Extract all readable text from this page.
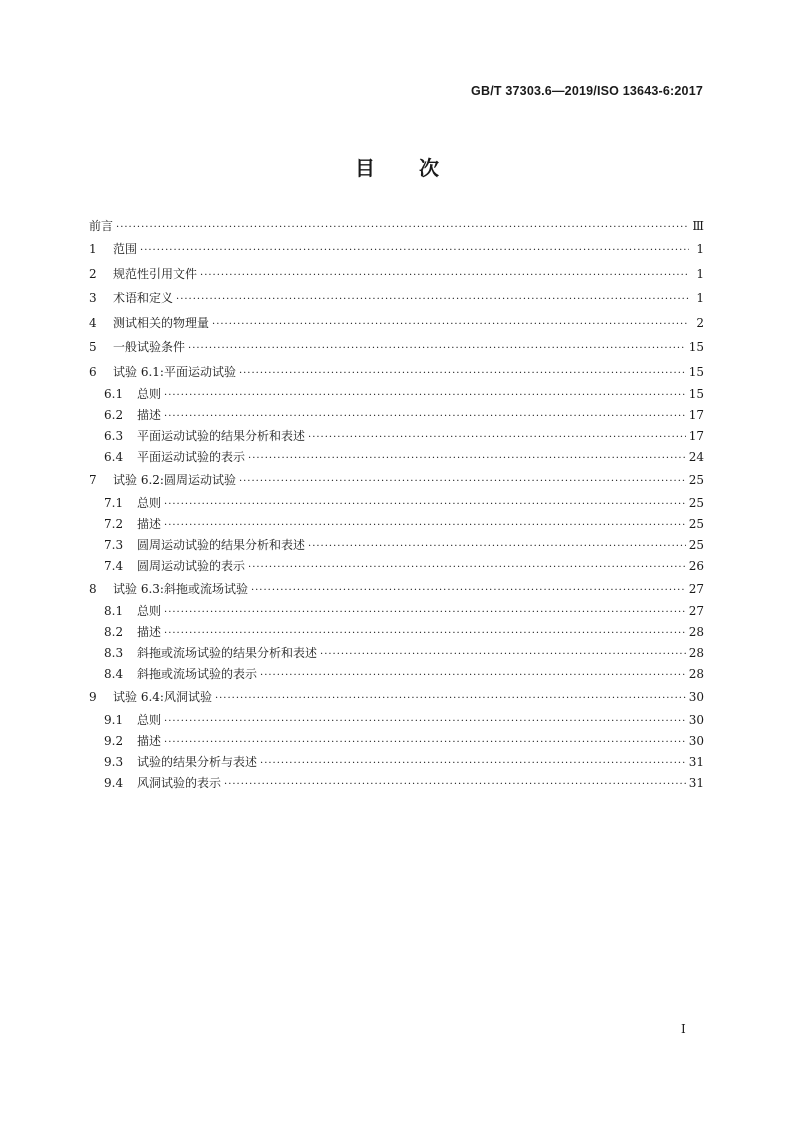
GB/T 37303.6—2019/ISO 13643-6:2017
目 次
前言 ·····	Ⅲ
1	范围 ·····	1
2	规范性引用文件 ·····	1
3	术语和定义 ·····	1
4	测试相关的物理量 ·····	2
5	一般试验条件 ·····	15
6	试验 6.1:平面运动试验 ·····	15
6.1	总则 ·····	15
6.2	描述 ·····	17
6.3	平面运动试验的结果分析和表述 ·····	17
6.4	平面运动试验的表示 ·····	24
7	试验 6.2:圆周运动试验 ·····	25
7.1	总则 ·····	25
7.2	描述 ·····	25
7.3	圆周运动试验的结果分析和表述 ·····	25
7.4	圆周运动试验的表示 ·····	26
8	试验 6.3:斜拖或流场试验 ·····	27
8.1	总则 ·····	27
8.2	描述 ·····	28
8.3	斜拖或流场试验的结果分析和表述 ·····	28
8.4	斜拖或流场试验的表示 ·····	28
9	试验 6.4:风洞试验 ·····	30
9.1	总则 ·····	30
9.2	描述 ·····	30
9.3	试验的结果分析与表述 ·····	31
9.4	风洞试验的表示 ·····	31
I
